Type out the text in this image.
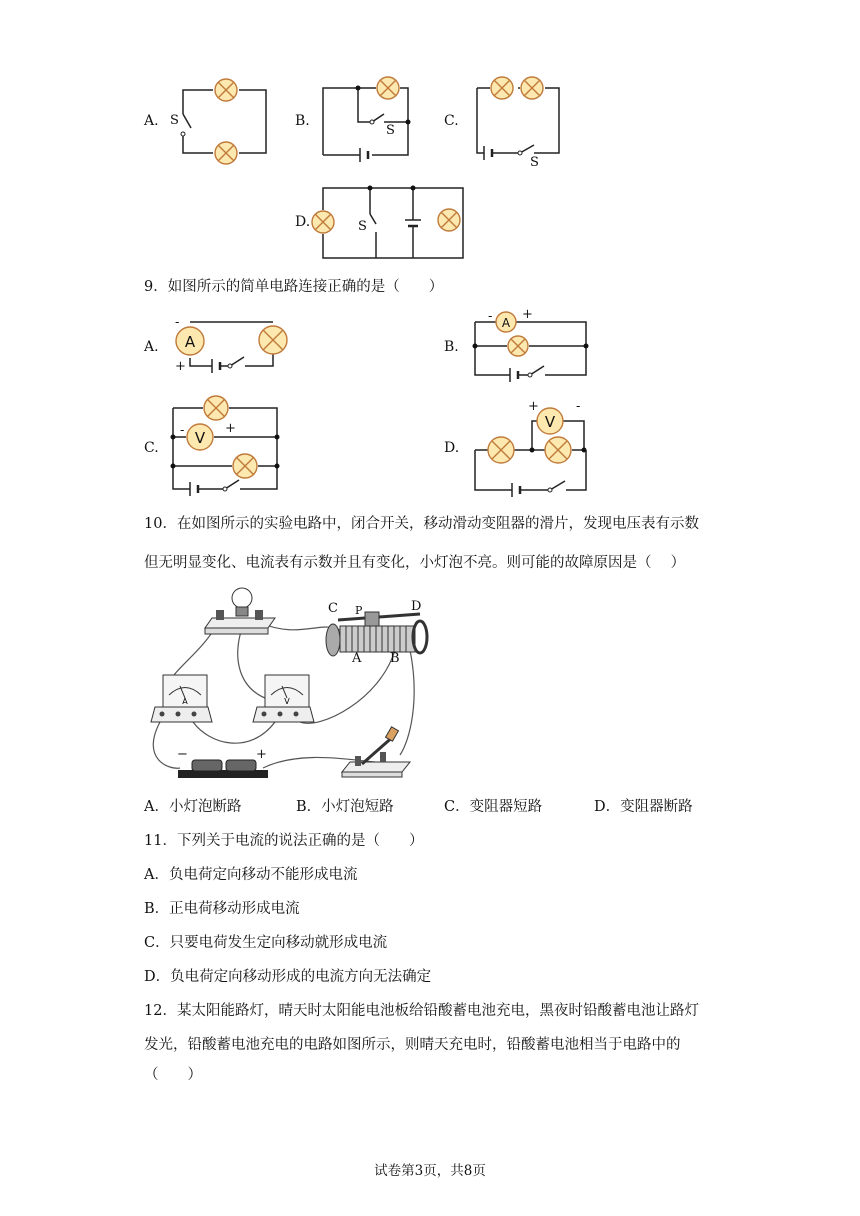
A. S
S
S
S
B.	C.
D.
9．如图所示的简单电路连接正确的是（　　）
A.	B.
C.	D.
A
-
+
A
- +
V
-	+	V
+	-
10．在如图所示的实验电路中，闭合开关，移动滑动变阻器的滑片，发现电压表有示数
但无明显变化、电流表有示数并且有变化，小灯泡不亮。则可能的故障原因是（　 ）
C P	D
A B
A	V
−	+
A．小灯泡断路	B．小灯泡短路	C．变阻器短路	D．变阻器断路
11．下列关于电流的说法正确的是（　　）
A．负电荷定向移动不能形成电流
B．正电荷移动形成电流
C．只要电荷发生定向移动就形成电流
D．负电荷定向移动形成的电流方向无法确定
12．某太阳能路灯，晴天时太阳能电池板给铅酸蓄电池充电，黑夜时铅酸蓄电池让路灯
发光，铅酸蓄电池充电的电路如图所示，则晴天充电时，铅酸蓄电池相当于电路中的
（　　）
试卷第3页，共8页
